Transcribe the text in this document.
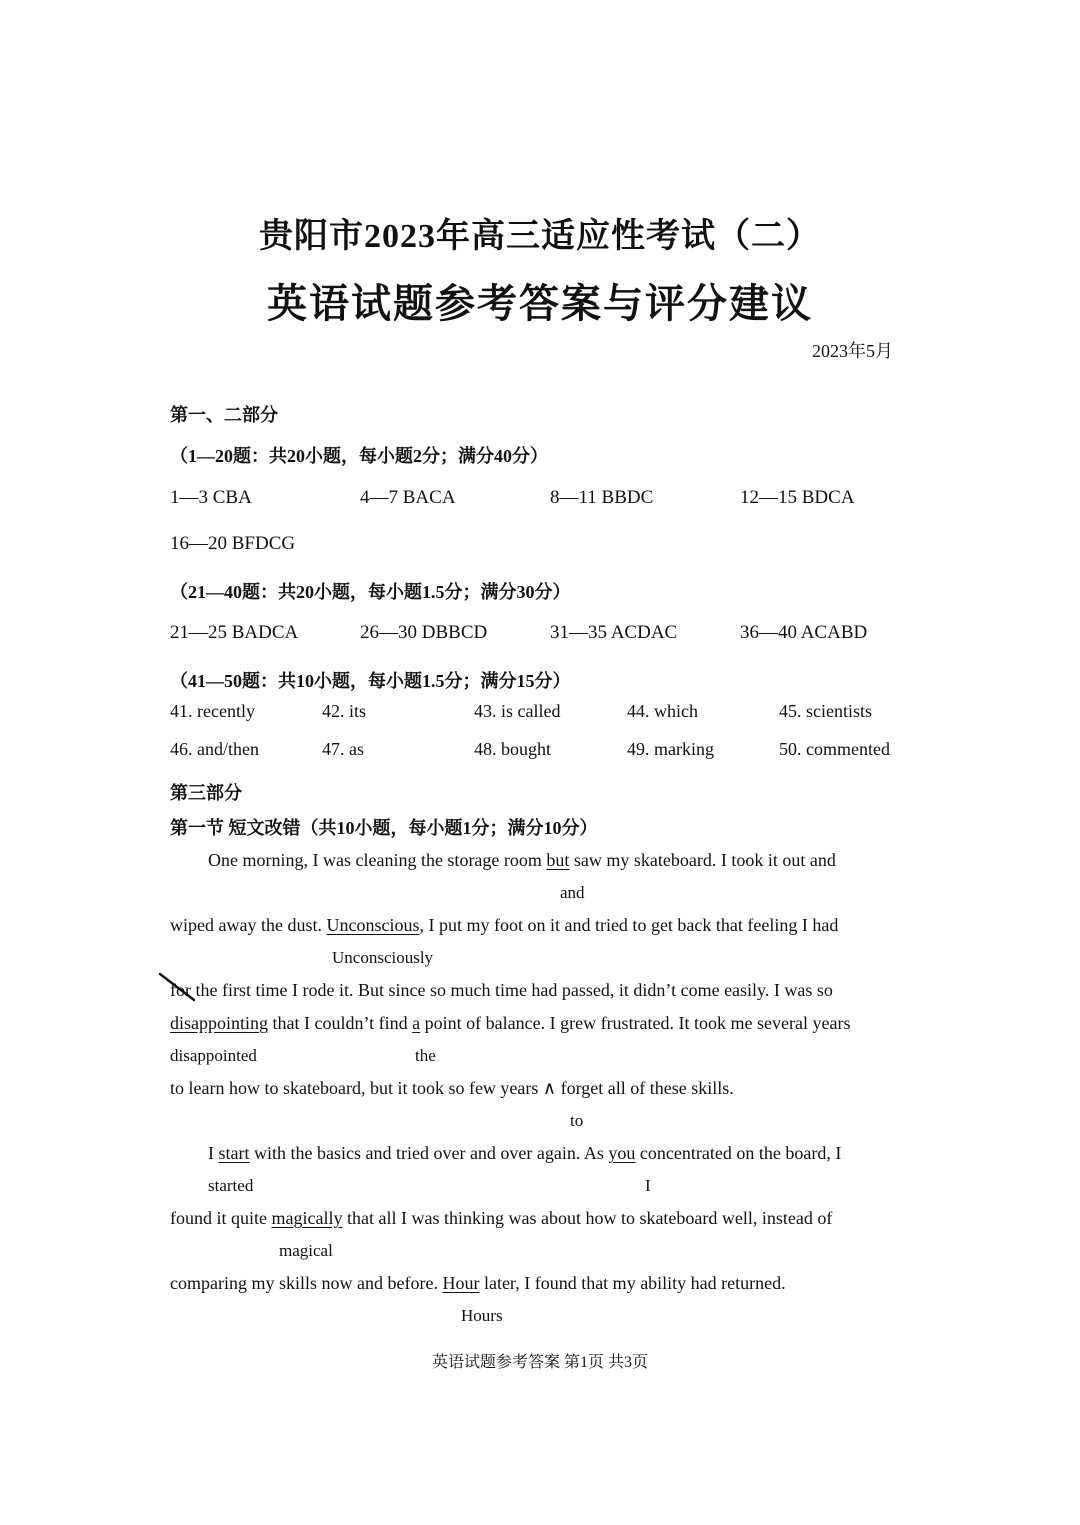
贵阳市2023年高三适应性考试（二）
英语试题参考答案与评分建议
2023年5月
第一、二部分
（1—20题：共20小题，每小题2分；满分40分）
1—3 CBA	4—7 BACA	8—11 BBDC	12—15 BDCA
16—20 BFDCG
（21—40题：共20小题，每小题1.5分；满分30分）
21—25 BADCA	26—30 DBBCD	31—35 ACDAC	36—40 ACABD
（41—50题：共10小题，每小题1.5分；满分15分）
41. recently	42. its	43. is called	44. which	45. scientists
46. and/then	47. as	48. bought	49. marking	50. commented
第三部分
第一节 短文改错（共10小题，每小题1分；满分10分）
One morning, I was cleaning the storage room but saw my skateboard. I took it out and
and
wiped away the dust. Unconscious, I put my foot on it and tried to get back that feeling I had
Unconsciously
for the first time I rode it. But since so much time had passed, it didn’t come easily. I was so
disappointing that I couldn’t find a point of balance. I grew frustrated. It took me several years
disappointed	the
to learn how to skateboard, but it took so few years ∧ forget all of these skills.
to
I start with the basics and tried over and over again. As you concentrated on the board, I
started	I
found it quite magically that all I was thinking was about how to skateboard well, instead of
magical
comparing my skills now and before. Hour later, I found that my ability had returned.
Hours
英语试题参考答案 第1页 共3页
